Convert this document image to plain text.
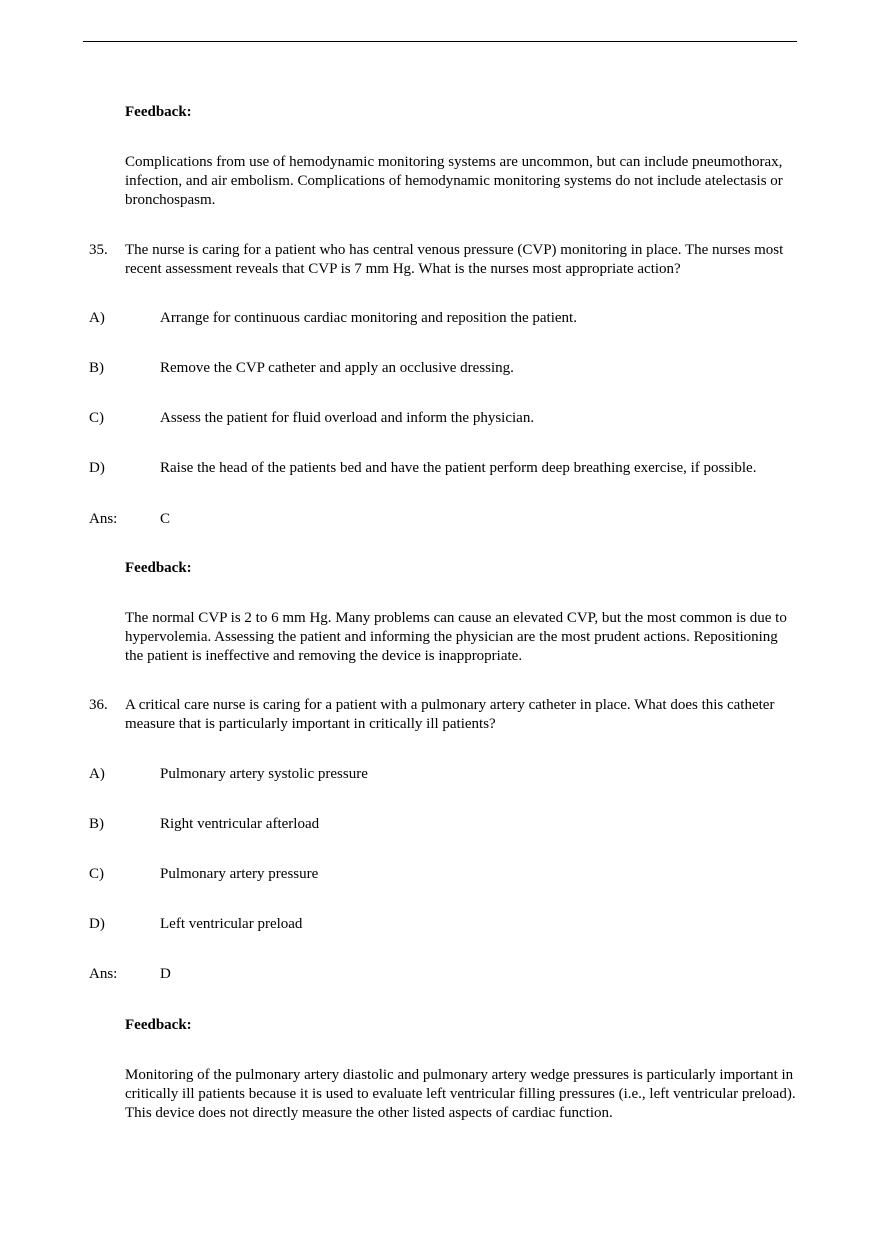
Feedback:
Complications from use of hemodynamic monitoring systems are uncommon, but can include pneumothorax, infection, and air embolism. Complications of hemodynamic monitoring systems do not include atelectasis or bronchospasm.
35. The nurse is caring for a patient who has central venous pressure (CVP) monitoring in place. The nurses most recent assessment reveals that CVP is 7 mm Hg. What is the nurses most appropriate action?
A)	Arrange for continuous cardiac monitoring and reposition the patient.
B)	Remove the CVP catheter and apply an occlusive dressing.
C)	Assess the patient for fluid overload and inform the physician.
D)	Raise the head of the patients bed and have the patient perform deep breathing exercise, if possible.
Ans:	C
Feedback:
The normal CVP is 2 to 6 mm Hg. Many problems can cause an elevated CVP, but the most common is due to hypervolemia. Assessing the patient and informing the physician are the most prudent actions. Repositioning the patient is ineffective and removing the device is inappropriate.
36. A critical care nurse is caring for a patient with a pulmonary artery catheter in place. What does this catheter measure that is particularly important in critically ill patients?
A)	Pulmonary artery systolic pressure
B)	Right ventricular afterload
C)	Pulmonary artery pressure
D)	Left ventricular preload
Ans:	D
Feedback:
Monitoring of the pulmonary artery diastolic and pulmonary artery wedge pressures is particularly important in critically ill patients because it is used to evaluate left ventricular filling pressures (i.e., left ventricular preload). This device does not directly measure the other listed aspects of cardiac function.
